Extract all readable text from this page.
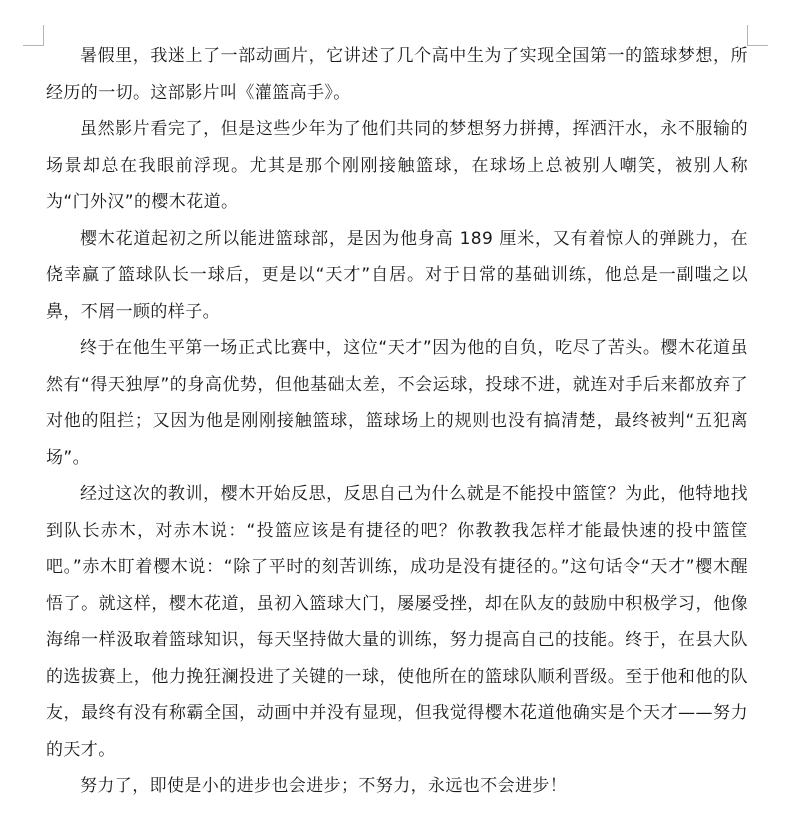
暑假里，我迷上了一部动画片，它讲述了几个高中生为了实现全国第一的篮球梦想，所经历的一切。这部影片叫《灌篮高手》。

虽然影片看完了，但是这些少年为了他们共同的梦想努力拼搏，挥洒汗水，永不服输的场景却总在我眼前浮现。尤其是那个刚刚接触篮球，在球场上总被别人嘲笑，被别人称为“门外汉”的樱木花道。

樱木花道起初之所以能进篮球部，是因为他身高 189 厘米，又有着惊人的弹跳力，在侥幸赢了篮球队长一球后，更是以“天才”自居。对于日常的基础训练，他总是一副嗤之以鼻，不屑一顾的样子。

终于在他生平第一场正式比赛中，这位“天才”因为他的自负，吃尽了苦头。樱木花道虽然有“得天独厚”的身高优势，但他基础太差，不会运球，投球不进，就连对手后来都放弃了对他的阻拦；又因为他是刚刚接触篮球，篮球场上的规则也没有搞清楚，最终被判“五犯离场”。

经过这次的教训，樱木开始反思，反思自己为什么就是不能投中篮筐？为此，他特地找到队长赤木，对赤木说：“投篮应该是有捷径的吧？你教教我怎样才能最快速的投中篮筐吧。”赤木盯着樱木说：“除了平时的刻苦训练，成功是没有捷径的。”这句话令“天才”樱木醒悟了。就这样，樱木花道，虽初入篮球大门，屡屡受挫，却在队友的鼓励中积极学习，他像海绵一样汲取着篮球知识，每天坚持做大量的训练，努力提高自己的技能。终于，在县大队的选拔赛上，他力挽狂澜投进了关键的一球，使他所在的篮球队顺利晋级。至于他和他的队友，最终有没有称霸全国，动画中并没有显现，但我觉得樱木花道他确实是个天才——努力的天才。

努力了，即使是小的进步也会进步；不努力，永远也不会进步！
